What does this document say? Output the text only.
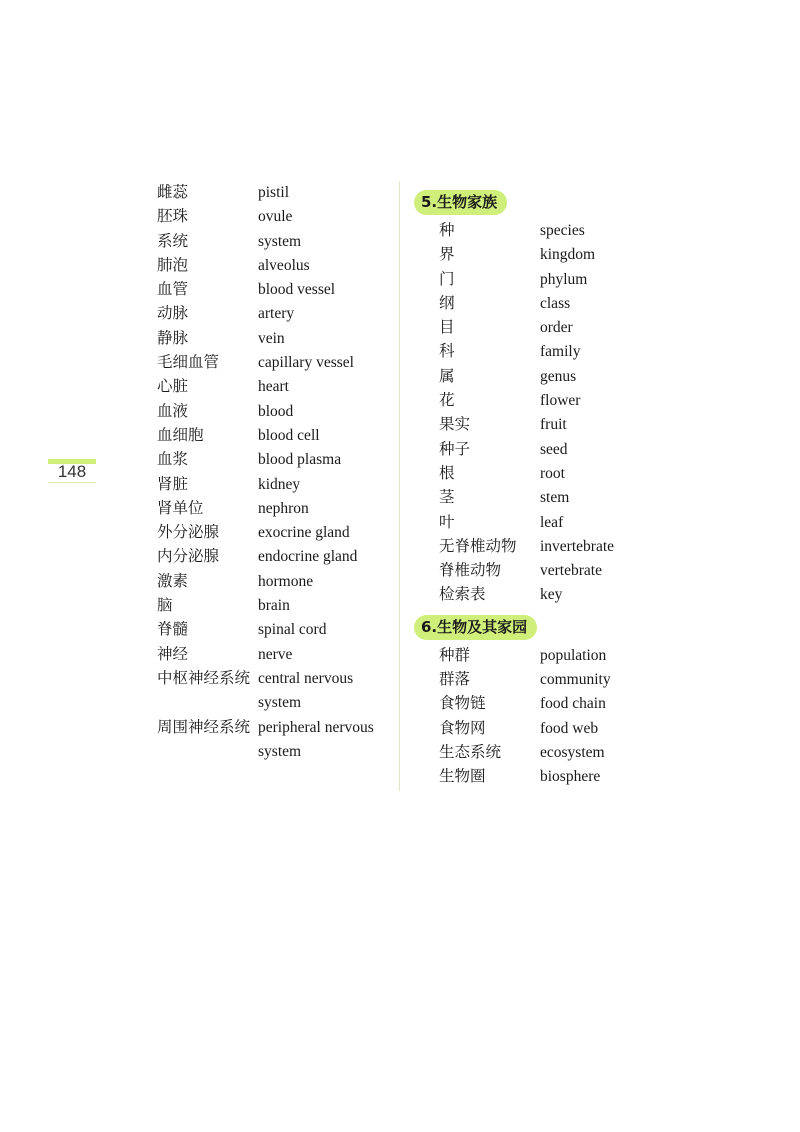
148
雌蕊	pistil
胚珠	ovule
系统	system
肺泡	alveolus
血管	blood vessel
动脉	artery
静脉	vein
毛细血管	capillary vessel
心脏	heart
血液	blood
血细胞	blood cell
血浆	blood plasma
肾脏	kidney
肾单位	nephron
外分泌腺	exocrine gland
内分泌腺	endocrine gland
激素	hormone
脑	brain
脊髓	spinal cord
神经	nerve
中枢神经系统 central nervous
system
周围神经系统 peripheral nervous
system
5.生物家族
种	species
界	kingdom
门	phylum
纲	class
目	order
科	family
属	genus
花	flower
果实	fruit
种子	seed
根	root
茎	stem
叶	leaf
无脊椎动物	invertebrate
脊椎动物	vertebrate
检索表	key
6.生物及其家园
种群	population
群落	community
食物链	food chain
食物网	food web
生态系统	ecosystem
生物圈	biosphere
